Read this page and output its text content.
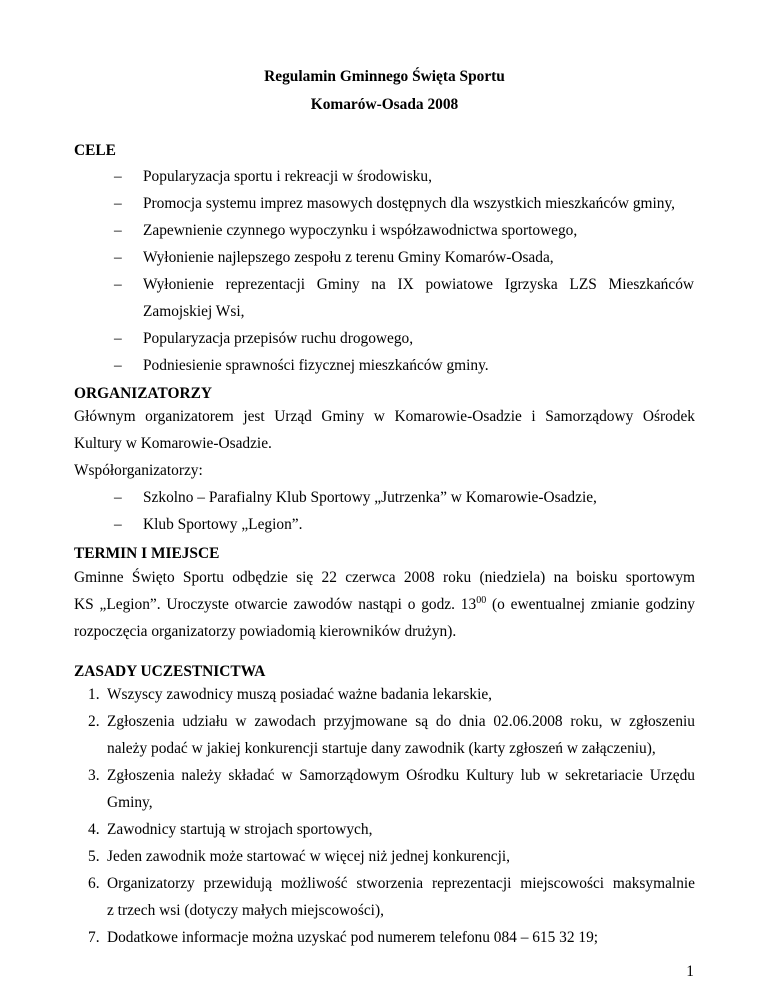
Regulamin Gminnego Święta Sportu
Komarów-Osada 2008
CELE
– Popularyzacja sportu i rekreacji w środowisku,
– Promocja systemu imprez masowych dostępnych dla wszystkich mieszkańców gminy,
– Zapewnienie czynnego wypoczynku i współzawodnictwa sportowego,
– Wyłonienie najlepszego zespołu z terenu Gminy Komarów-Osada,
– Wyłonienie reprezentacji Gminy na IX powiatowe Igrzyska LZS Mieszkańców
Zamojskiej Wsi,
– Popularyzacja przepisów ruchu drogowego,
– Podniesienie sprawności fizycznej mieszkańców gminy.
ORGANIZATORZY
Głównym organizatorem jest Urząd Gminy w Komarowie-Osadzie i Samorządowy Ośrodek
Kultury w Komarowie-Osadzie.
Współorganizatorzy:
– Szkolno – Parafialny Klub Sportowy „Jutrzenka” w Komarowie-Osadzie,
– Klub Sportowy „Legion”.
TERMIN I MIEJSCE
Gminne Święto Sportu odbędzie się 22 czerwca 2008 roku (niedziela) na boisku sportowym
KS „Legion”. Uroczyste otwarcie zawodów nastąpi o godz. $13^{00}$ (o ewentualnej zmianie godziny
rozpoczęcia organizatorzy powiadomią kierowników drużyn).
ZASADY UCZESTNICTWA
1. Wszyscy zawodnicy muszą posiadać ważne badania lekarskie,
2. Zgłoszenia udziału w zawodach przyjmowane są do dnia 02.06.2008 roku, w zgłoszeniu
należy podać w jakiej konkurencji startuje dany zawodnik (karty zgłoszeń w załączeniu),
3. Zgłoszenia należy składać w Samorządowym Ośrodku Kultury lub w sekretariacie Urzędu
Gminy,
4. Zawodnicy startują w strojach sportowych,
5. Jeden zawodnik może startować w więcej niż jednej konkurencji,
6. Organizatorzy przewidują możliwość stworzenia reprezentacji miejscowości maksymalnie
z trzech wsi (dotyczy małych miejscowości),
7. Dodatkowe informacje można uzyskać pod numerem telefonu 084 – 615 32 19;
1
